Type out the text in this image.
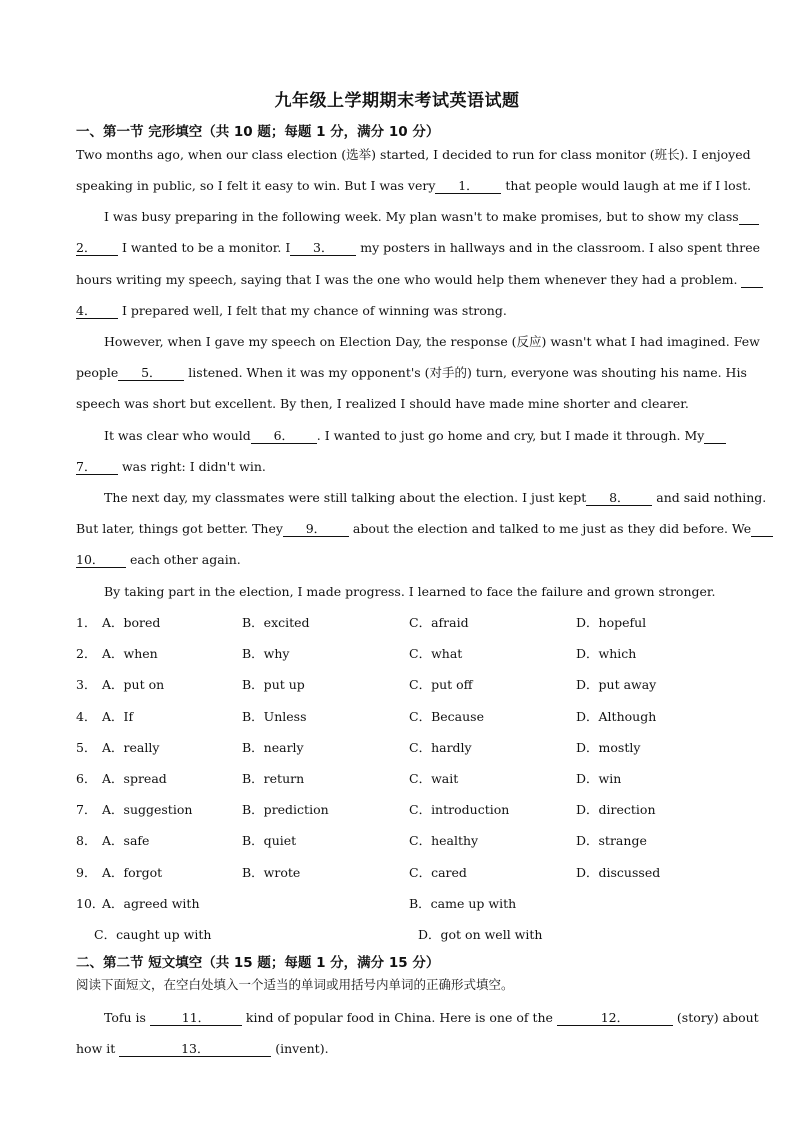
九年级上学期期末考试英语试题
一、第一节 完形填空（共 10 题；每题 1 分，满分 10 分）
Two months ago, when our class election (选举) started, I decided to run for class monitor (班长). I enjoyed
speaking in public, so I felt it easy to win. But I was very 1． that people would laugh at me if I lost.
I was busy preparing in the following week. My plan wasn't to make promises, but to show my class
2． I wanted to be a monitor. I 3． my posters in hallways and in the classroom. I also spent three
hours writing my speech, saying that I was the one who would help them whenever they had a problem.
4． I prepared well, I felt that my chance of winning was strong.
However, when I gave my speech on Election Day, the response (反应) wasn't what I had imagined. Few
people 5． listened. When it was my opponent's (对手的) turn, everyone was shouting his name. His
speech was short but excellent. By then, I realized I should have made mine shorter and clearer.
It was clear who would 6． . I wanted to just go home and cry, but I made it through. My
7． was right: I didn't win.
The next day, my classmates were still talking about the election. I just kept 8． and said nothing.
But later, things got better. They 9． about the election and talked to me just as they did before. We
10． each other again.
By taking part in the election, I made progress. I learned to face the failure and grown stronger.
1． A．bored	B．excited	C．afraid	D．hopeful
2． A．when	B．why	C．what	D．which
3． A．put on	B．put up	C．put off	D．put away
4． A．If	B．Unless	C．Because	D．Although
5． A．really	B．nearly	C．hardly	D．mostly
6． A．spread	B．return	C．wait	D．win
7． A．suggestion	B．prediction	C．introduction	D．direction
8． A．safe	B．quiet	C．healthy	D．strange
9． A．forgot	B．wrote	C．cared	D．discussed
10．
A．agreed with	B．came up with
C．caught up with	D．got on well with
二、第二节 短文填空（共 15 题；每题 1 分，满分 15 分）
阅读下面短文，在空白处填入一个适当的单词或用括号内单词的正确形式填空。
Tofu is	11．	kind of popular food in China. Here is one of the	12．	(story) about
how it	13．	(invent).
